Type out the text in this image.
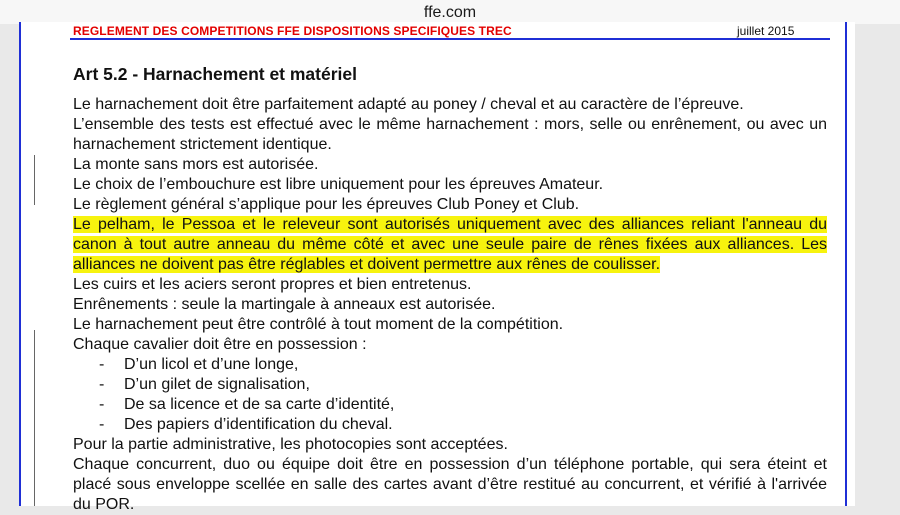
ffe.com
REGLEMENT DES COMPETITIONS FFE DISPOSITIONS SPECIFIQUES TREC	juillet 2015
Art 5.2 - Harnachement et matériel

Le harnachement doit être parfaitement adapté au poney / cheval et au caractère de l’épreuve.

L’ensemble des tests est effectué avec le même harnachement : mors, selle ou enrênement, ou avec un harnachement strictement identique.

La monte sans mors est autorisée.

Le choix de l’embouchure est libre uniquement pour les épreuves Amateur.

Le règlement général s’applique pour les épreuves Club Poney et Club.

Le pelham, le Pessoa et le releveur sont autorisés uniquement avec des alliances reliant l'anneau du canon à tout autre anneau du même côté et avec une seule paire de rênes fixées aux alliances. Les alliances ne doivent pas être réglables et doivent permettre aux rênes de coulisser.

Les cuirs et les aciers seront propres et bien entretenus.

Enrênements : seule la martingale à anneaux est autorisée.

Le harnachement peut être contrôlé à tout moment de la compétition.

Chaque cavalier doit être en possession :

-	D’un licol et d’une longe,
-	D’un gilet de signalisation,
-	De sa licence et de sa carte d’identité,
-	Des papiers d’identification du cheval.

Pour la partie administrative, les photocopies sont acceptées.

Chaque concurrent, duo ou équipe doit être en possession d’un téléphone portable, qui sera éteint et placé sous enveloppe scellée en salle des cartes avant d’être restitué au concurrent, et vérifié à l'arrivée du POR.
